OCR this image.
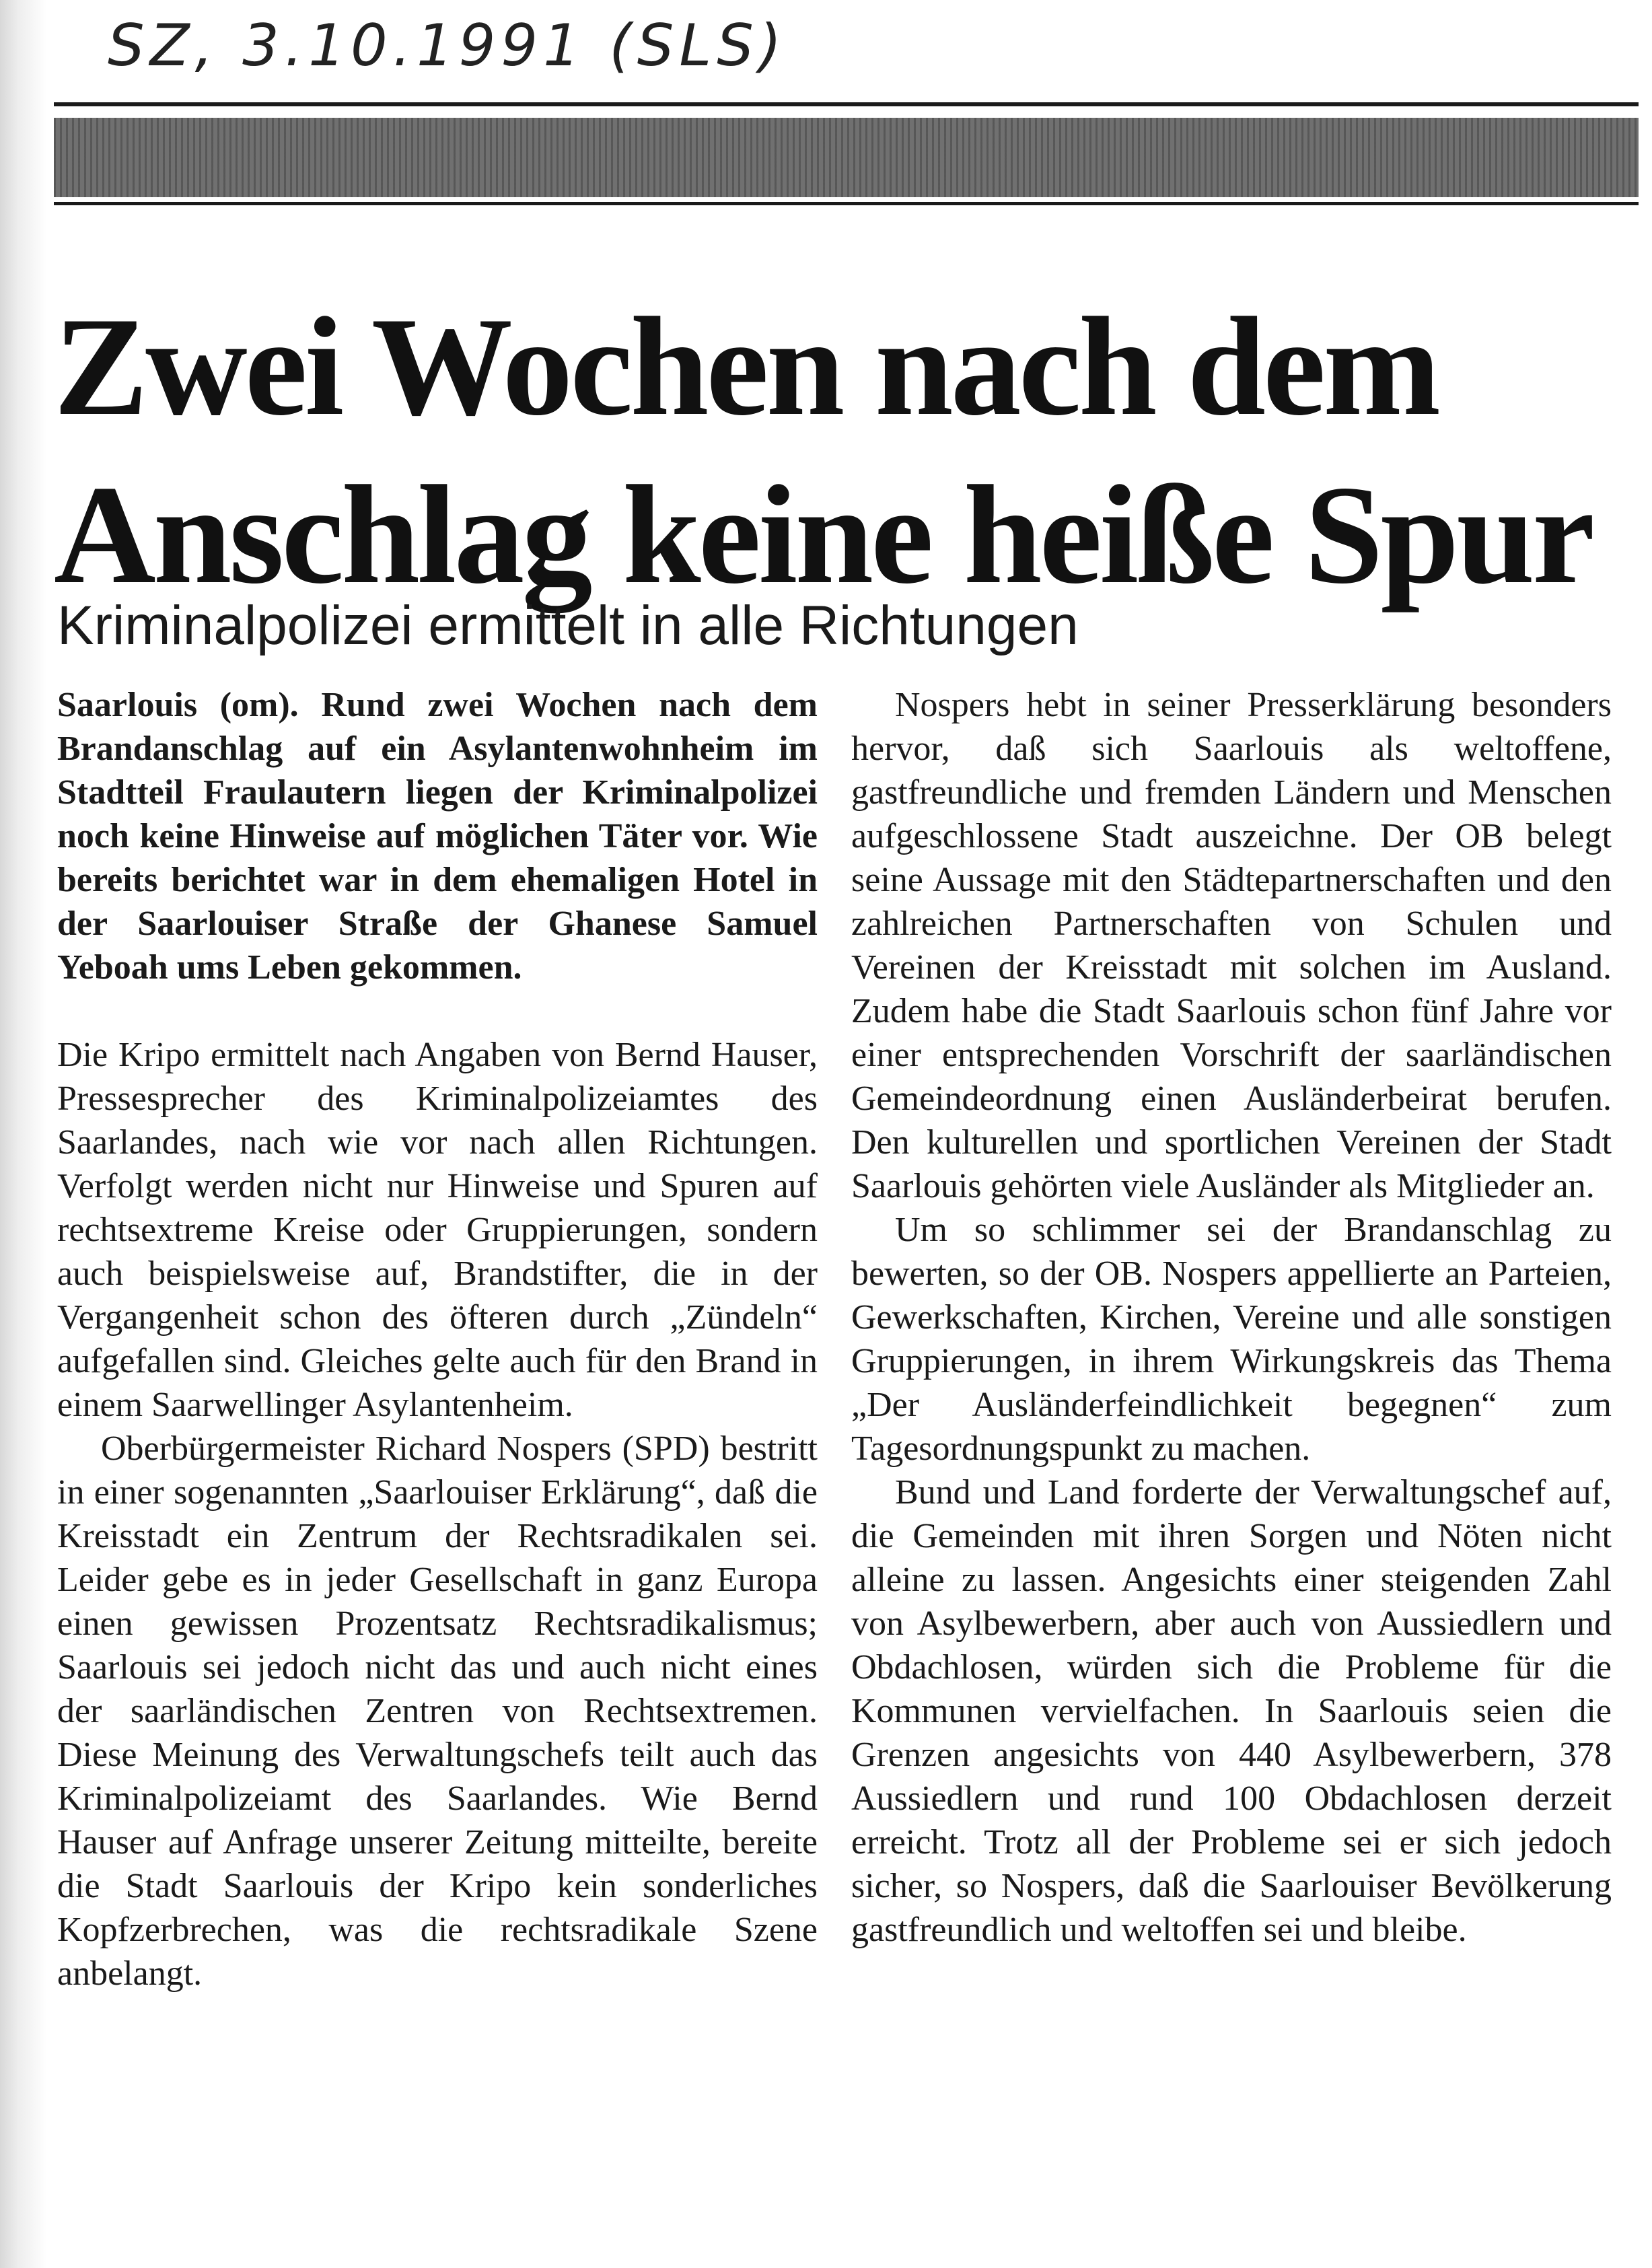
SZ, 3.10.1991 (SLS)
Zwei Wochen nach dem
Anschlag keine heiße Spur
Kriminalpolizei ermittelt in alle Richtungen

Saarlouis (om). Rund zwei Wochen nach dem Brandanschlag auf ein Asylantenwohnheim im Stadtteil Fraulautern liegen der Kriminalpolizei noch keine Hinweise auf möglichen Täter vor. Wie bereits berichtet war in dem ehemaligen Hotel in der Saarlouiser Straße der Ghanese Samuel Yeboah ums Leben gekommen.

Die Kripo ermittelt nach Angaben von Bernd Hauser, Pressesprecher des Kriminalpolizeiamtes des Saarlandes, nach wie vor nach allen Richtungen. Verfolgt werden nicht nur Hinweise und Spuren auf rechtsextreme Kreise oder Gruppierungen, sondern auch beispielsweise auf, Brandstifter, die in der Vergangenheit schon des öfteren durch „Zündeln“ aufgefallen sind. Gleiches gelte auch für den Brand in einem Saarwellinger Asylantenheim.

Oberbürgermeister Richard Nospers (SPD) bestritt in einer sogenannten „Saarlouiser Erklärung“, daß die Kreisstadt ein Zentrum der Rechtsradikalen sei. Leider gebe es in jeder Gesellschaft in ganz Europa einen gewissen Prozentsatz Rechtsradikalismus; Saarlouis sei jedoch nicht das und auch nicht eines der saarländischen Zentren von Rechtsextremen. Diese Meinung des Verwaltungschefs teilt auch das Kriminalpolizeiamt des Saarlandes. Wie Bernd Hauser auf Anfrage unserer Zeitung mitteilte, bereite die Stadt Saarlouis der Kripo kein sonderliches Kopfzerbrechen, was die rechtsradikale Szene anbelangt.

Nospers hebt in seiner Presserklärung besonders hervor, daß sich Saarlouis als weltoffene, gastfreundliche und fremden Ländern und Menschen aufgeschlossene Stadt auszeichne. Der OB belegt seine Aussage mit den Städtepartnerschaften und den zahlreichen Partnerschaften von Schulen und Vereinen der Kreisstadt mit solchen im Ausland. Zudem habe die Stadt Saarlouis schon fünf Jahre vor einer entsprechenden Vorschrift der saarländischen Gemeindeordnung einen Ausländerbeirat berufen. Den kulturellen und sportlichen Vereinen der Stadt Saarlouis gehörten viele Ausländer als Mitglieder an.

Um so schlimmer sei der Brandanschlag zu bewerten, so der OB. Nospers appellierte an Parteien, Gewerkschaften, Kirchen, Vereine und alle sonstigen Gruppierungen, in ihrem Wirkungskreis das Thema „Der Ausländerfeindlichkeit begegnen“ zum Tagesordnungspunkt zu machen.

Bund und Land forderte der Verwaltungschef auf, die Gemeinden mit ihren Sorgen und Nöten nicht alleine zu lassen. Angesichts einer steigenden Zahl von Asylbewerbern, aber auch von Aussiedlern und Obdachlosen, würden sich die Probleme für die Kommunen vervielfachen. In Saarlouis seien die Grenzen angesichts von 440 Asylbewerbern, 378 Aussiedlern und rund 100 Obdachlosen derzeit erreicht. Trotz all der Probleme sei er sich jedoch sicher, so Nospers, daß die Saarlouiser Bevölkerung gastfreundlich und weltoffen sei und bleibe.
